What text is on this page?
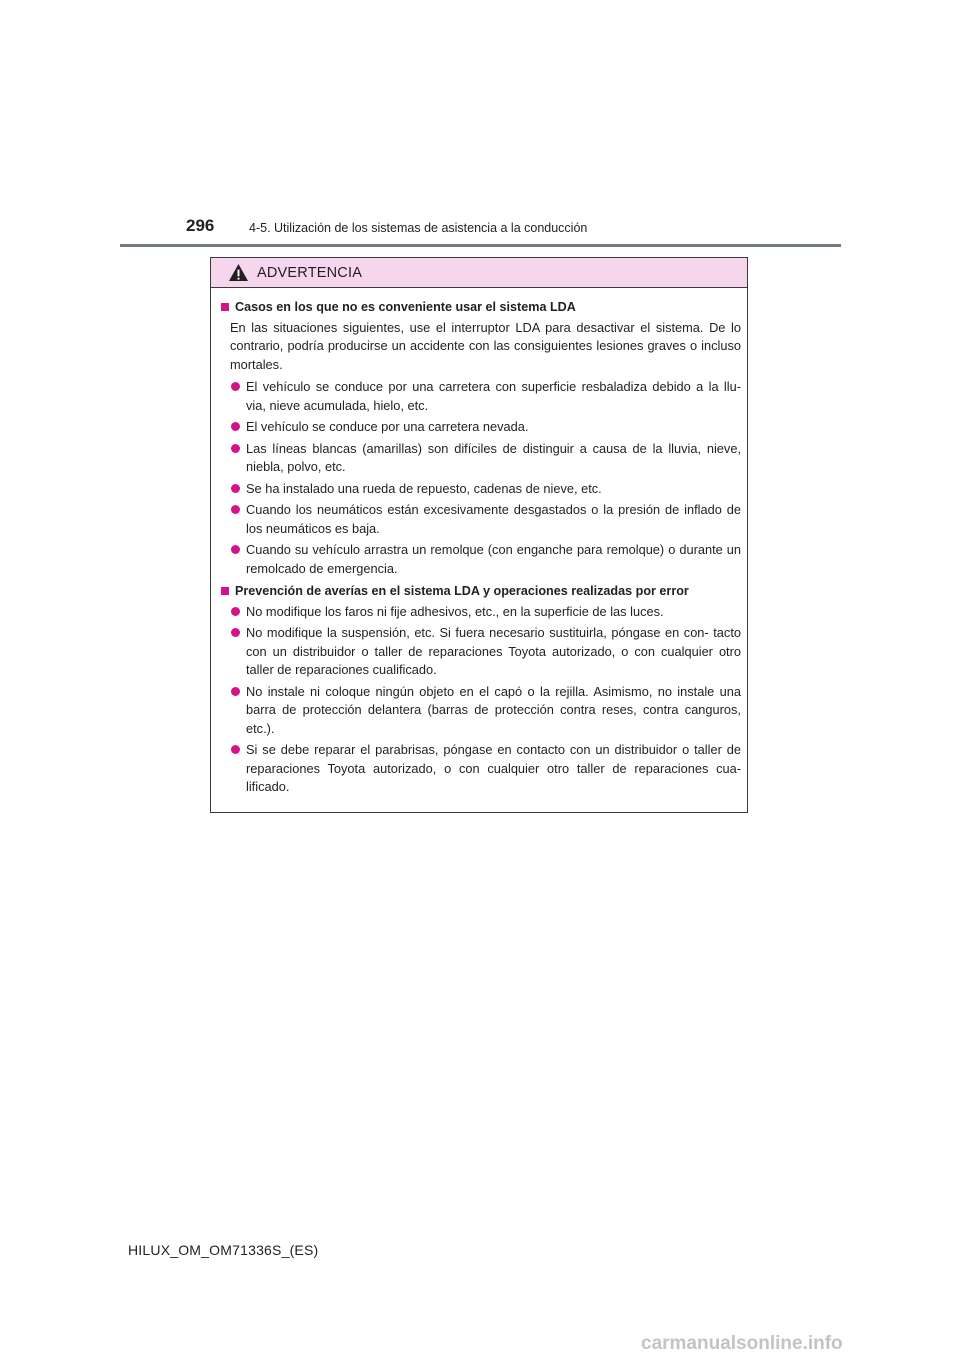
296	4-5. Utilización de los sistemas de asistencia a la conducción
ADVERTENCIA
Casos en los que no es conveniente usar el sistema LDA
En las situaciones siguientes, use el interruptor LDA para desactivar el sistema. De lo contrario, podría producirse un accidente con las consiguientes lesiones graves o incluso mortales.
El vehículo se conduce por una carretera con superficie resbaladiza debido a la llu- via, nieve acumulada, hielo, etc.
El vehículo se conduce por una carretera nevada.
Las líneas blancas (amarillas) son difíciles de distinguir a causa de la lluvia, nieve, niebla, polvo, etc.
Se ha instalado una rueda de repuesto, cadenas de nieve, etc.
Cuando los neumáticos están excesivamente desgastados o la presión de inflado de los neumáticos es baja.
Cuando su vehículo arrastra un remolque (con enganche para remolque) o durante un remolcado de emergencia.
Prevención de averías en el sistema LDA y operaciones realizadas por error
No modifique los faros ni fije adhesivos, etc., en la superficie de las luces.
No modifique la suspensión, etc. Si fuera necesario sustituirla, póngase en con- tacto con un distribuidor o taller de reparaciones Toyota autorizado, o con cualquier otro taller de reparaciones cualificado.
No instale ni coloque ningún objeto en el capó o la rejilla. Asimismo, no instale una barra de protección delantera (barras de protección contra reses, contra canguros, etc.).
Si se debe reparar el parabrisas, póngase en contacto con un distribuidor o taller de reparaciones Toyota autorizado, o con cualquier otro taller de reparaciones cua- lificado.
HILUX_OM_OM71336S_(ES)
carmanualsonline.info
